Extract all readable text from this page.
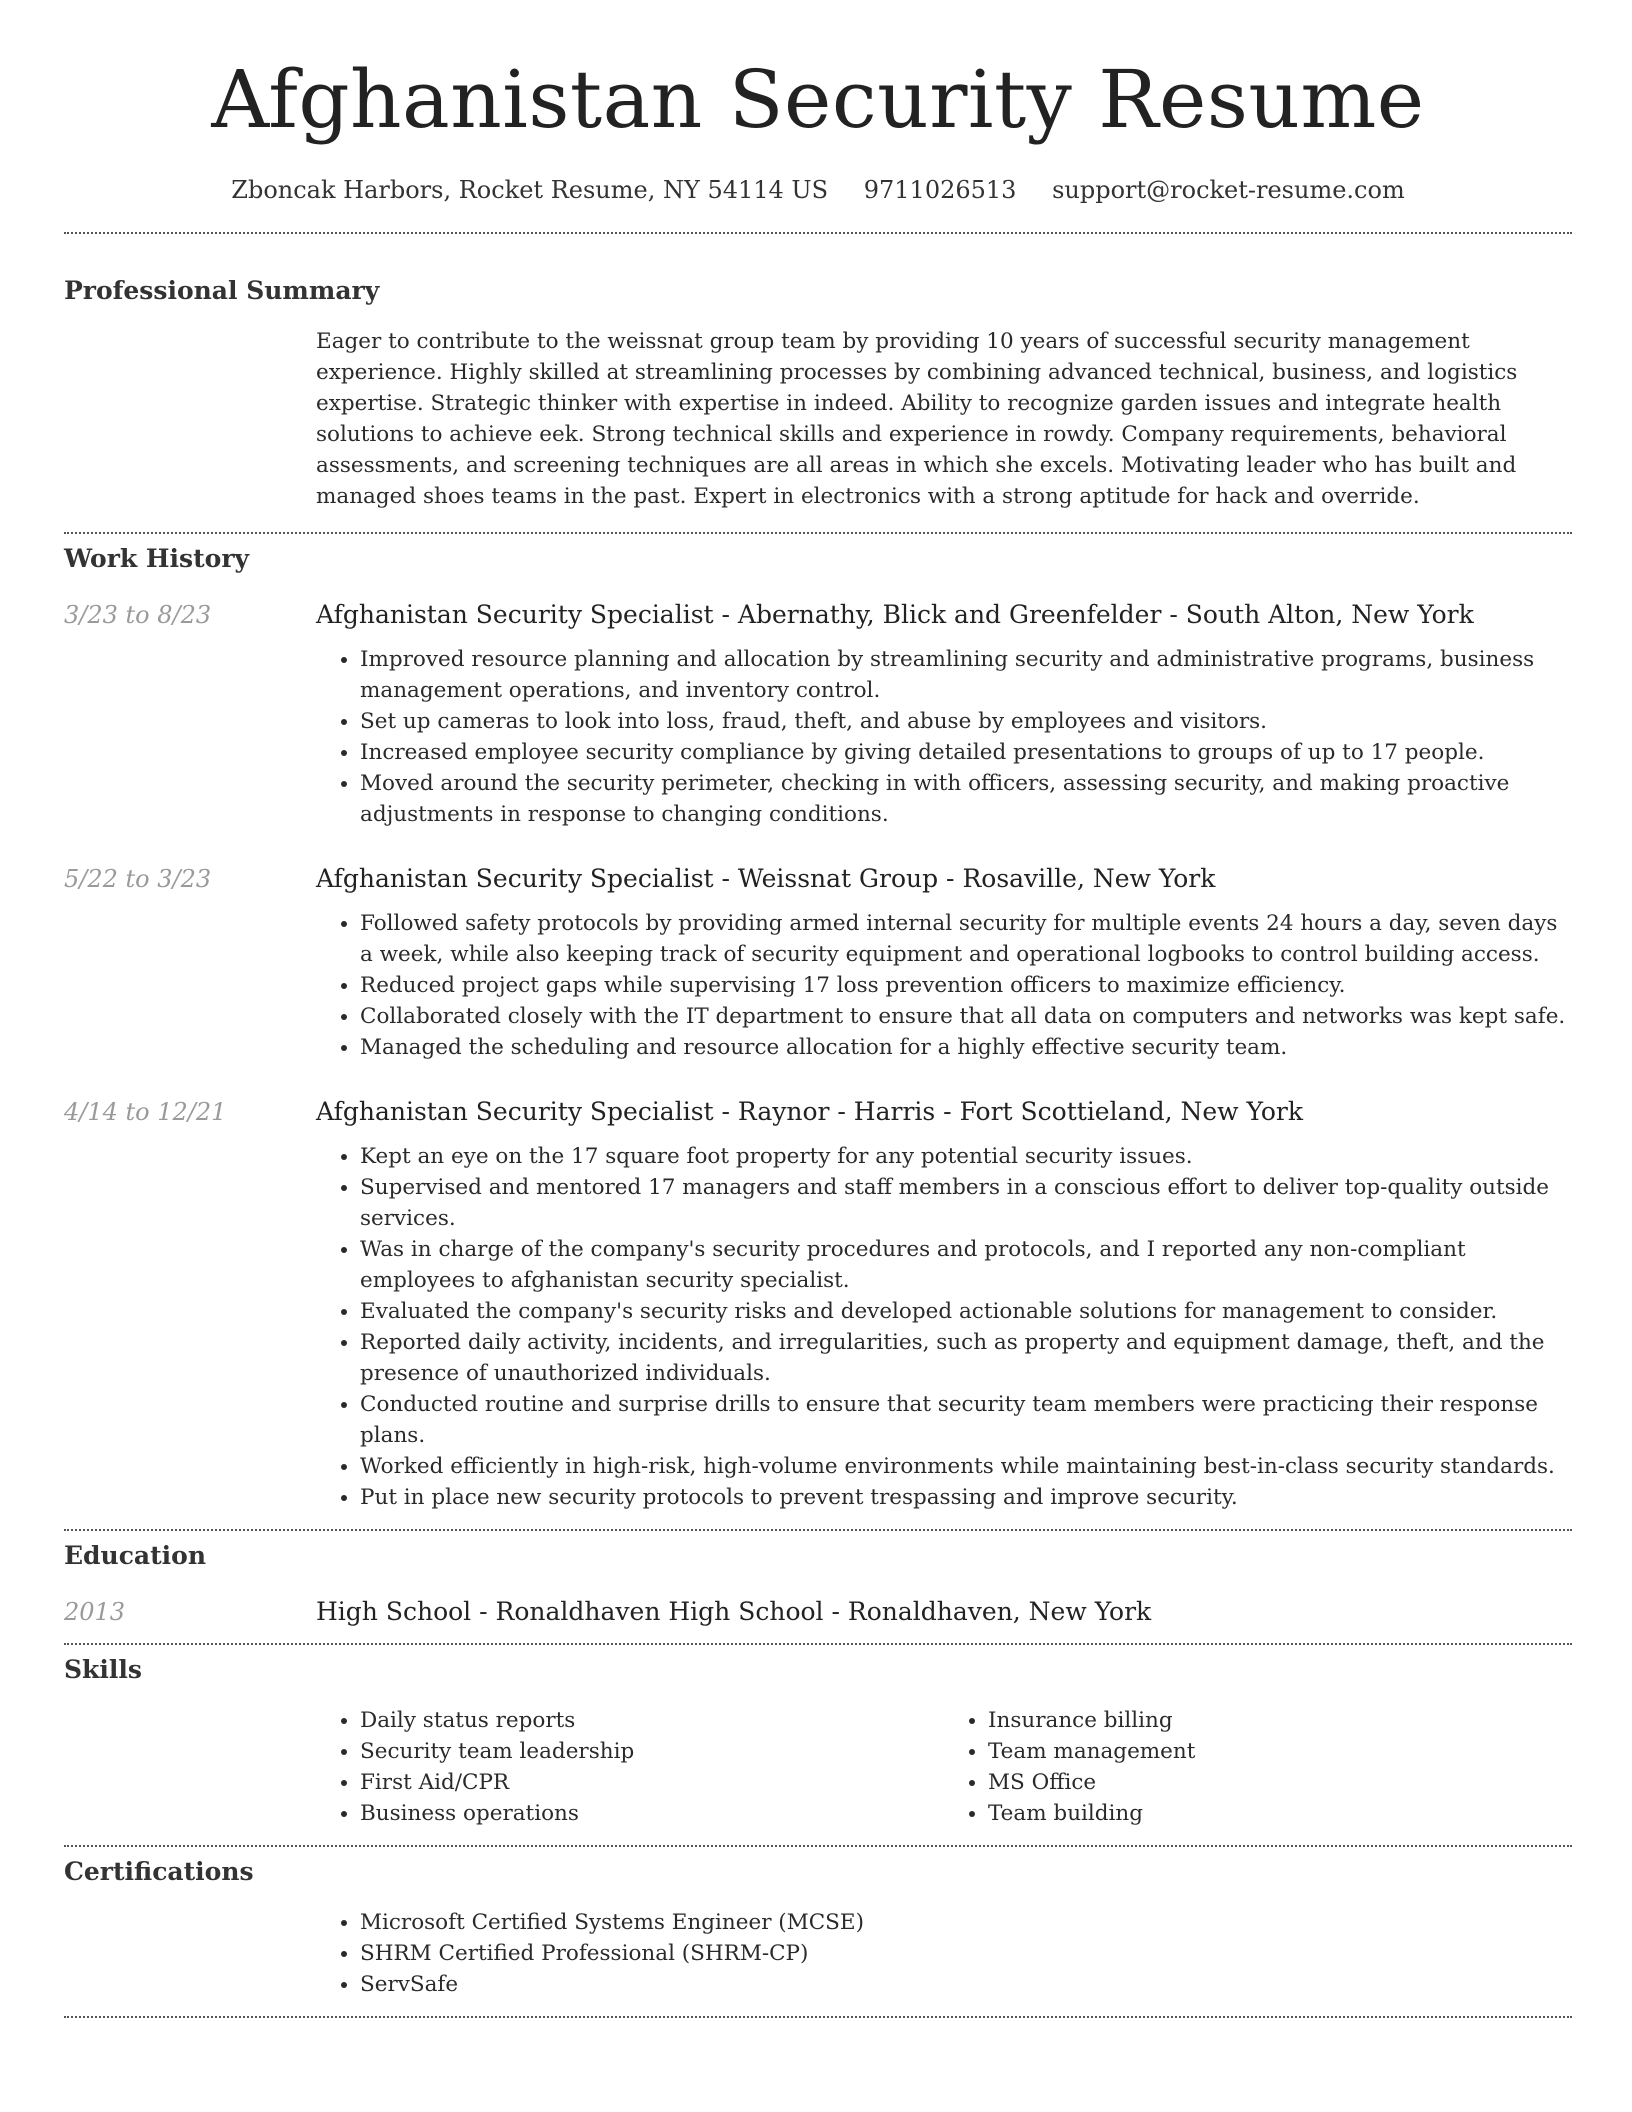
Afghanistan Security Resume
Zboncak Harbors, Rocket Resume, NY 54114 US 9711026513 support@rocket-resume.com
Professional Summary

Eager to contribute to the weissnat group team by providing 10 years of successful security management experience. Highly skilled at streamlining processes by combining advanced technical, business, and logistics expertise. Strategic thinker with expertise in indeed. Ability to recognize garden issues and integrate health solutions to achieve eek. Strong technical skills and experience in rowdy. Company requirements, behavioral assessments, and screening techniques are all areas in which she excels. Motivating leader who has built and managed shoes teams in the past. Expert in electronics with a strong aptitude for hack and override.

Work History
3/23 to 8/23	Afghanistan Security Specialist - Abernathy, Blick and Greenfelder - South Alton, New York
• Improved resource planning and allocation by streamlining security and administrative programs, business management operations, and inventory control.
• Set up cameras to look into loss, fraud, theft, and abuse by employees and visitors.
• Increased employee security compliance by giving detailed presentations to groups of up to 17 people.
• Moved around the security perimeter, checking in with officers, assessing security, and making proactive adjustments in response to changing conditions.
5/22 to 3/23	Afghanistan Security Specialist - Weissnat Group - Rosaville, New York
• Followed safety protocols by providing armed internal security for multiple events 24 hours a day, seven days a week, while also keeping track of security equipment and operational logbooks to control building access.
• Reduced project gaps while supervising 17 loss prevention officers to maximize efficiency.
• Collaborated closely with the IT department to ensure that all data on computers and networks was kept safe.
• Managed the scheduling and resource allocation for a highly effective security team.
4/14 to 12/21	Afghanistan Security Specialist - Raynor - Harris - Fort Scottieland, New York
• Kept an eye on the 17 square foot property for any potential security issues.
• Supervised and mentored 17 managers and staff members in a conscious effort to deliver top-quality outside services.
• Was in charge of the company's security procedures and protocols, and I reported any non-compliant employees to afghanistan security specialist.
• Evaluated the company's security risks and developed actionable solutions for management to consider.
• Reported daily activity, incidents, and irregularities, such as property and equipment damage, theft, and the presence of unauthorized individuals.
• Conducted routine and surprise drills to ensure that security team members were practicing their response plans.
• Worked efficiently in high-risk, high-volume environments while maintaining best-in-class security standards.
• Put in place new security protocols to prevent trespassing and improve security.
Education
2013	High School - Ronaldhaven High School - Ronaldhaven, New York
Skills
• Daily status reports
• Security team leadership
• First Aid/CPR
• Business operations
• Insurance billing
• Team management
• MS Office
• Team building
Certifications
• Microsoft Certified Systems Engineer (MCSE)
• SHRM Certified Professional (SHRM-CP)
• ServSafe
